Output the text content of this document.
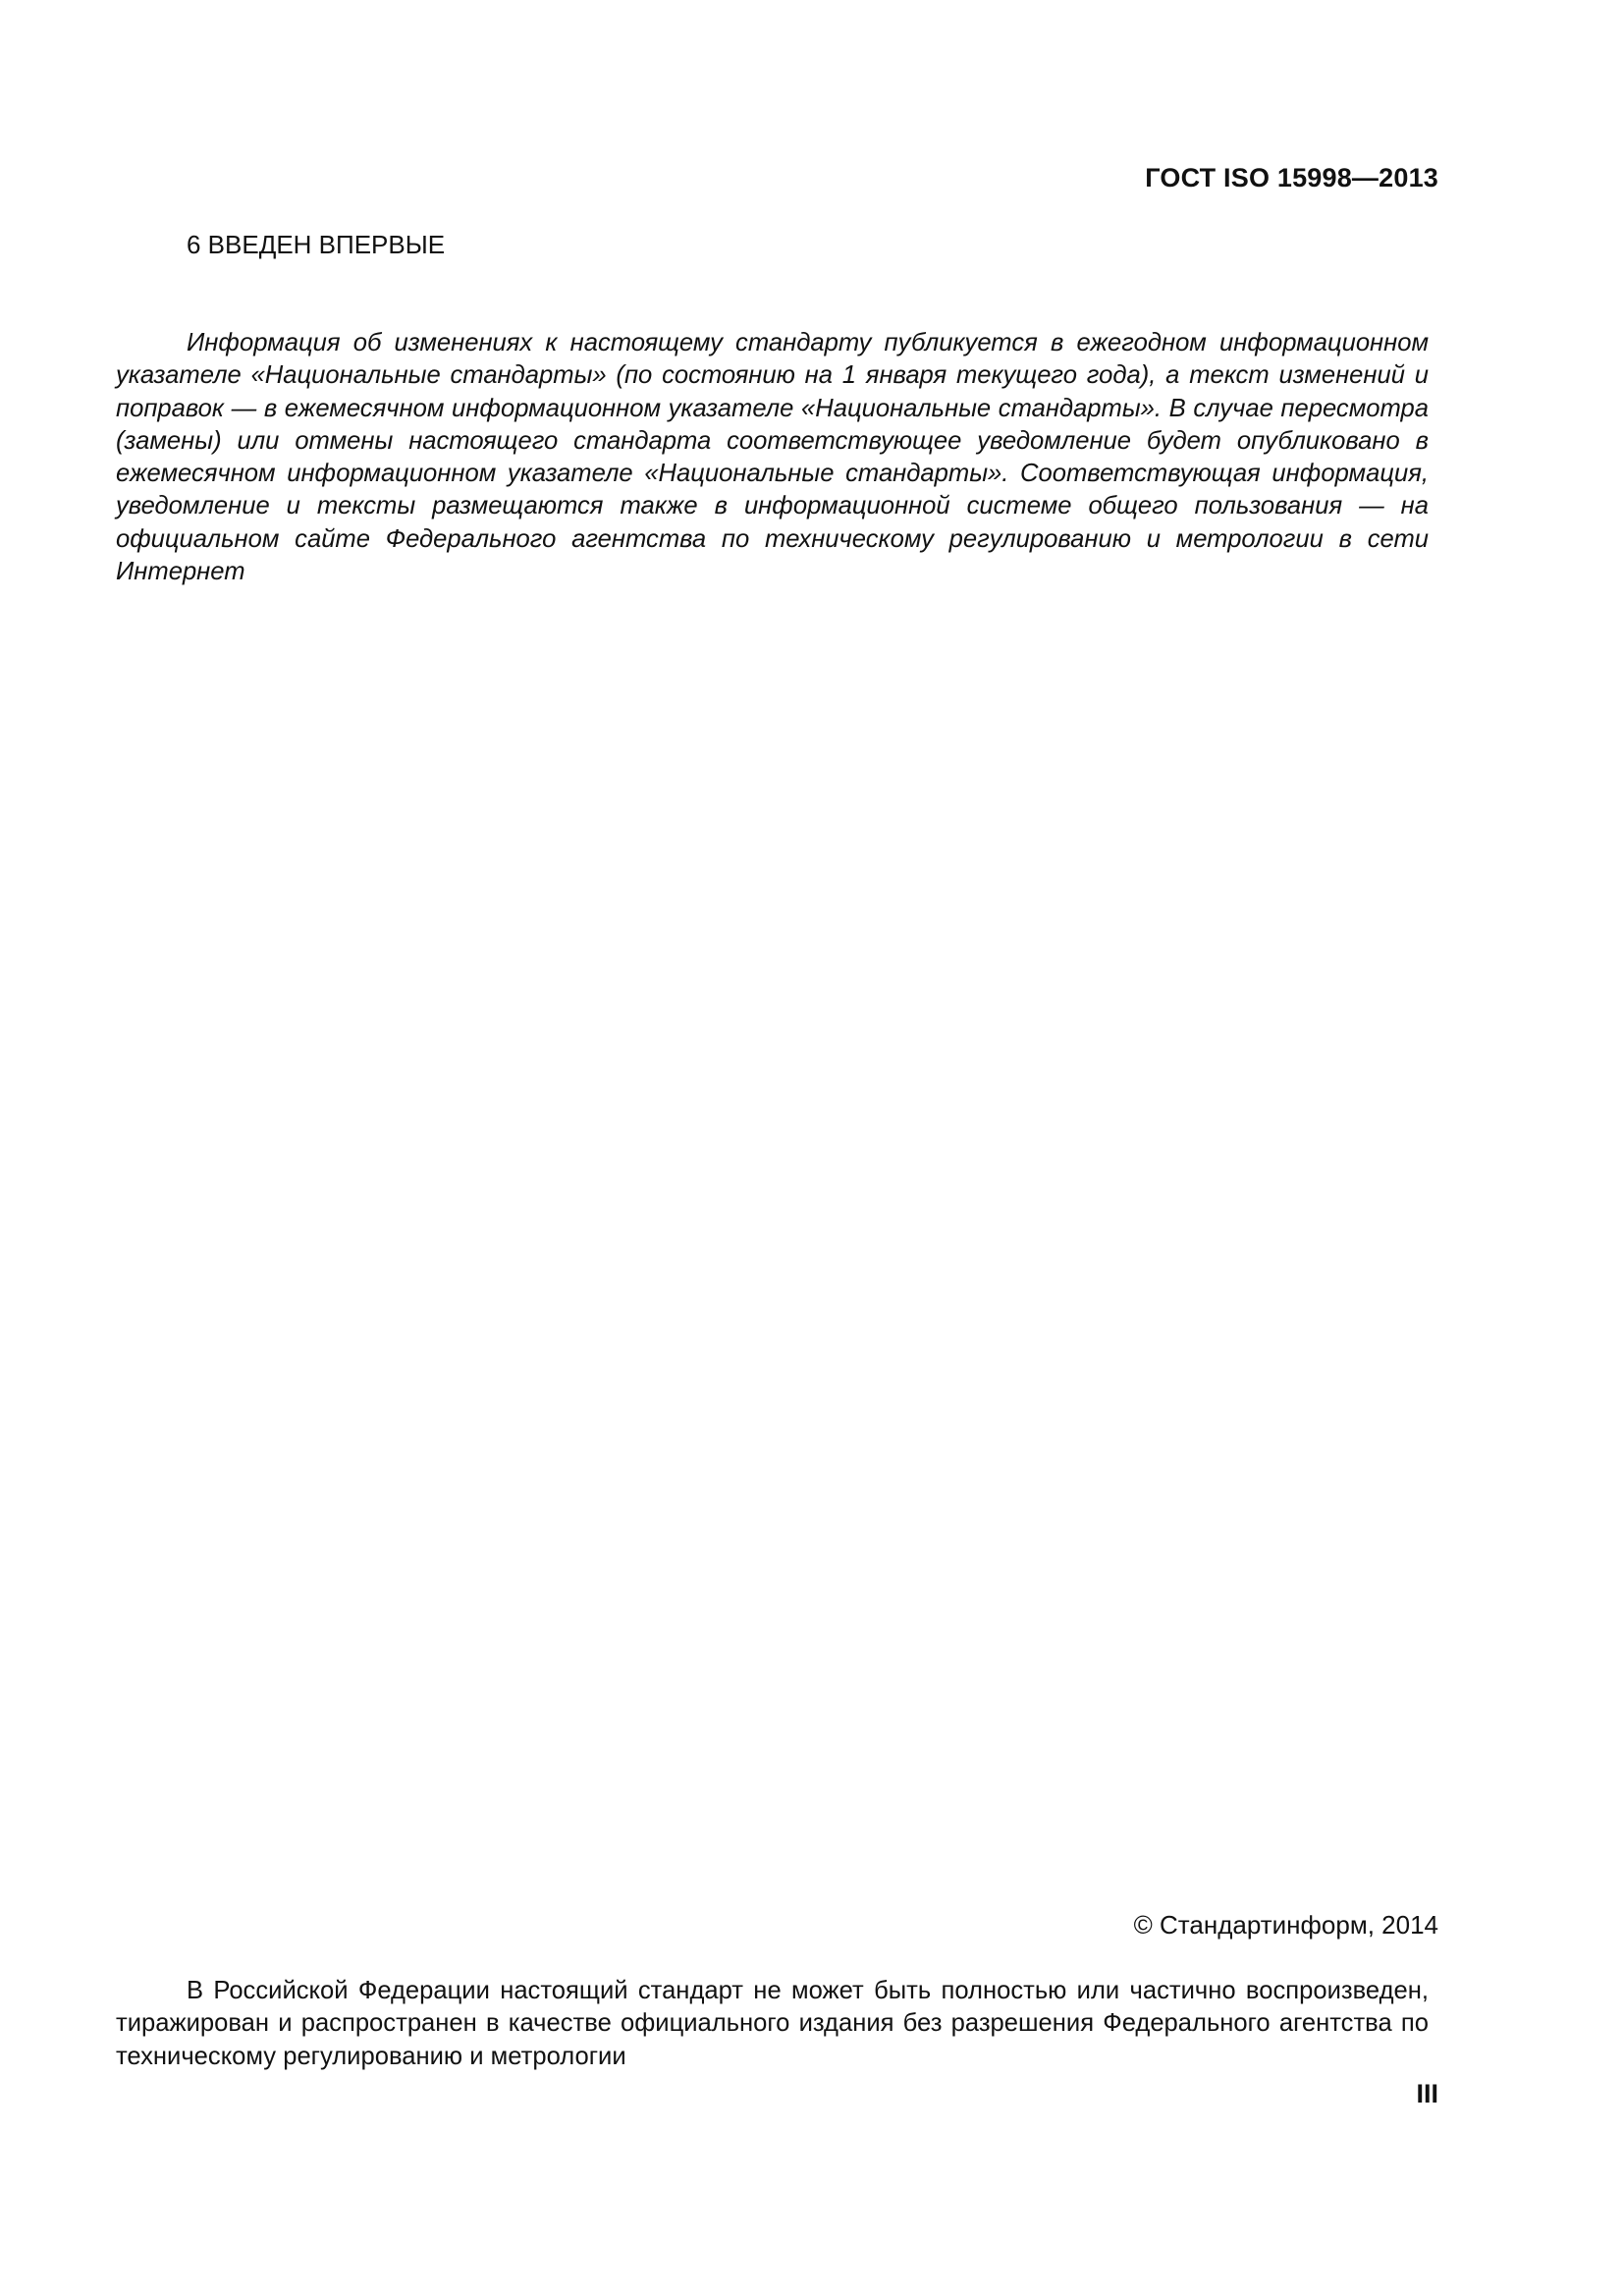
ГОСТ ISO 15998—2013
6 ВВЕДЕН ВПЕРВЫЕ

Информация об изменениях к настоящему стандарту публикуется в ежегодном информационном указателе «Национальные стандарты» (по состоянию на 1 января текущего года), а текст изменений и поправок — в ежемесячном информационном указателе «Национальные стандарты». В случае пересмотра (замены) или отмены настоящего стандарта соответствующее уведомление будет опубликовано в ежемесячном информационном указателе «Национальные стандарты». Соответствующая информация, уведомление и тексты размещаются также в информационной системе общего пользования — на официальном сайте Федерального агентства по техническому регулированию и метрологии в сети Интернет

© Стандартинформ, 2014

В Российской Федерации настоящий стандарт не может быть полностью или частично воспроизведен, тиражирован и распространен в качестве официального издания без разрешения Федерального агентства по техническому регулированию и метрологии

III
